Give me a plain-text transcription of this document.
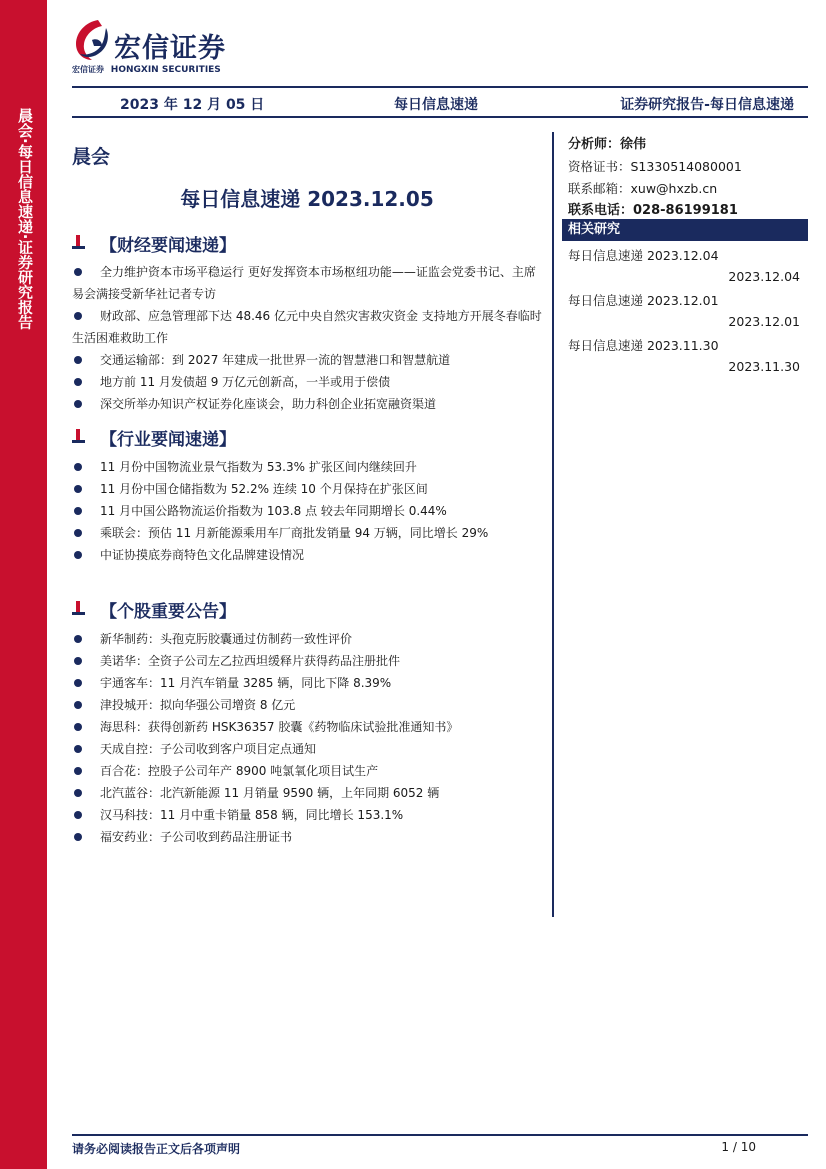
晨会·每日信息速递·证券研究报告
宏信证券
宏信证券 HONGXIN SECURITIES
2023 年 12 月 05 日	每日信息速递	证券研究报告-每日信息速递
晨会
每日信息速递 2023.12.05
【财经要闻速递】
全力维护资本市场平稳运行 更好发挥资本市场枢纽功能——证监会党委书记、主席易会满接受新华社记者专访
财政部、应急管理部下达 48.46 亿元中央自然灾害救灾资金 支持地方开展冬春临时生活困难救助工作
交通运输部：到 2027 年建成一批世界一流的智慧港口和智慧航道
地方前 11 月发债超 9 万亿元创新高，一半或用于偿债
深交所举办知识产权证券化座谈会，助力科创企业拓宽融资渠道
【行业要闻速递】
11 月份中国物流业景气指数为 53.3% 扩张区间内继续回升
11 月份中国仓储指数为 52.2% 连续 10 个月保持在扩张区间
11 月中国公路物流运价指数为 103.8 点 较去年同期增长 0.44%
乘联会：预估 11 月新能源乘用车厂商批发销量 94 万辆，同比增长 29%
中证协摸底券商特色文化品牌建设情况
【个股重要公告】
新华制药：头孢克肟胶囊通过仿制药一致性评价
美诺华：全资子公司左乙拉西坦缓释片获得药品注册批件
宇通客车：11 月汽车销量 3285 辆，同比下降 8.39%
津投城开：拟向华强公司增资 8 亿元
海思科：获得创新药 HSK36357 胶囊《药物临床试验批准通知书》
天成自控：子公司收到客户项目定点通知
百合花：控股子公司年产 8900 吨氯氧化项目试生产
北汽蓝谷：北汽新能源 11 月销量 9590 辆，上年同期 6052 辆
汉马科技：11 月中重卡销量 858 辆，同比增长 153.1%
福安药业：子公司收到药品注册证书
分析师：徐伟
资格证书：S1330514080001
联系邮箱：xuw@hxzb.cn
联系电话：028-86199181
相关研究
每日信息速递 2023.12.04
2023.12.04
每日信息速递 2023.12.01
2023.12.01
每日信息速递 2023.11.30
2023.11.30
请务必阅读报告正文后各项声明	1 / 10
